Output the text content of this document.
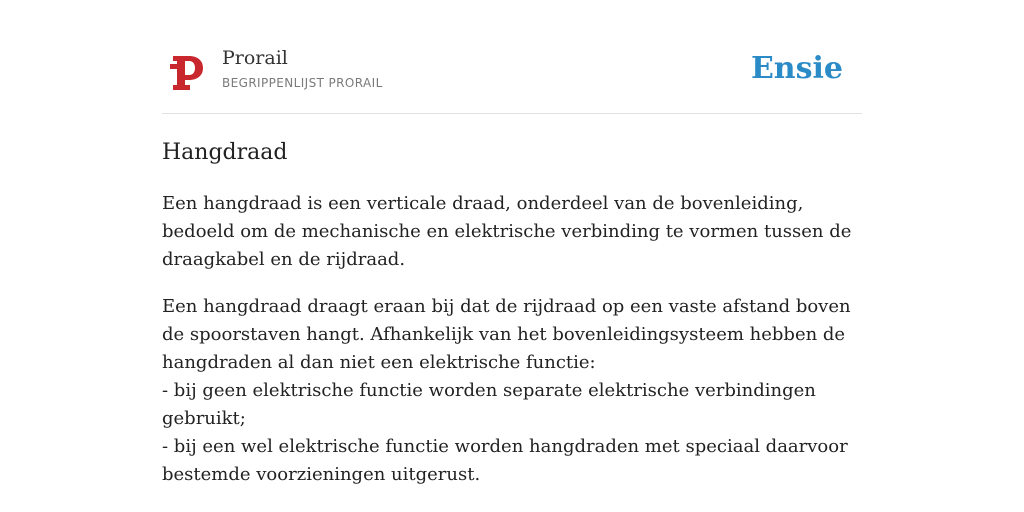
Prorail
BEGRIPPENLIJST PRORAIL	Ensie
Hangdraad

Een hangdraad is een verticale draad, onderdeel van de bovenleiding, bedoeld om de mechanische en elektrische verbinding te vormen tussen de draagkabel en de rijdraad.

Een hangdraad draagt eraan bij dat de rijdraad op een vaste afstand boven de spoorstaven hangt. Afhankelijk van het bovenleidingsysteem hebben de hangdraden al dan niet een elektrische functie:
- bij geen elektrische functie worden separate elektrische verbindingen gebruikt;
- bij een wel elektrische functie worden hangdraden met speciaal daarvoor bestemde voorzieningen uitgerust.
